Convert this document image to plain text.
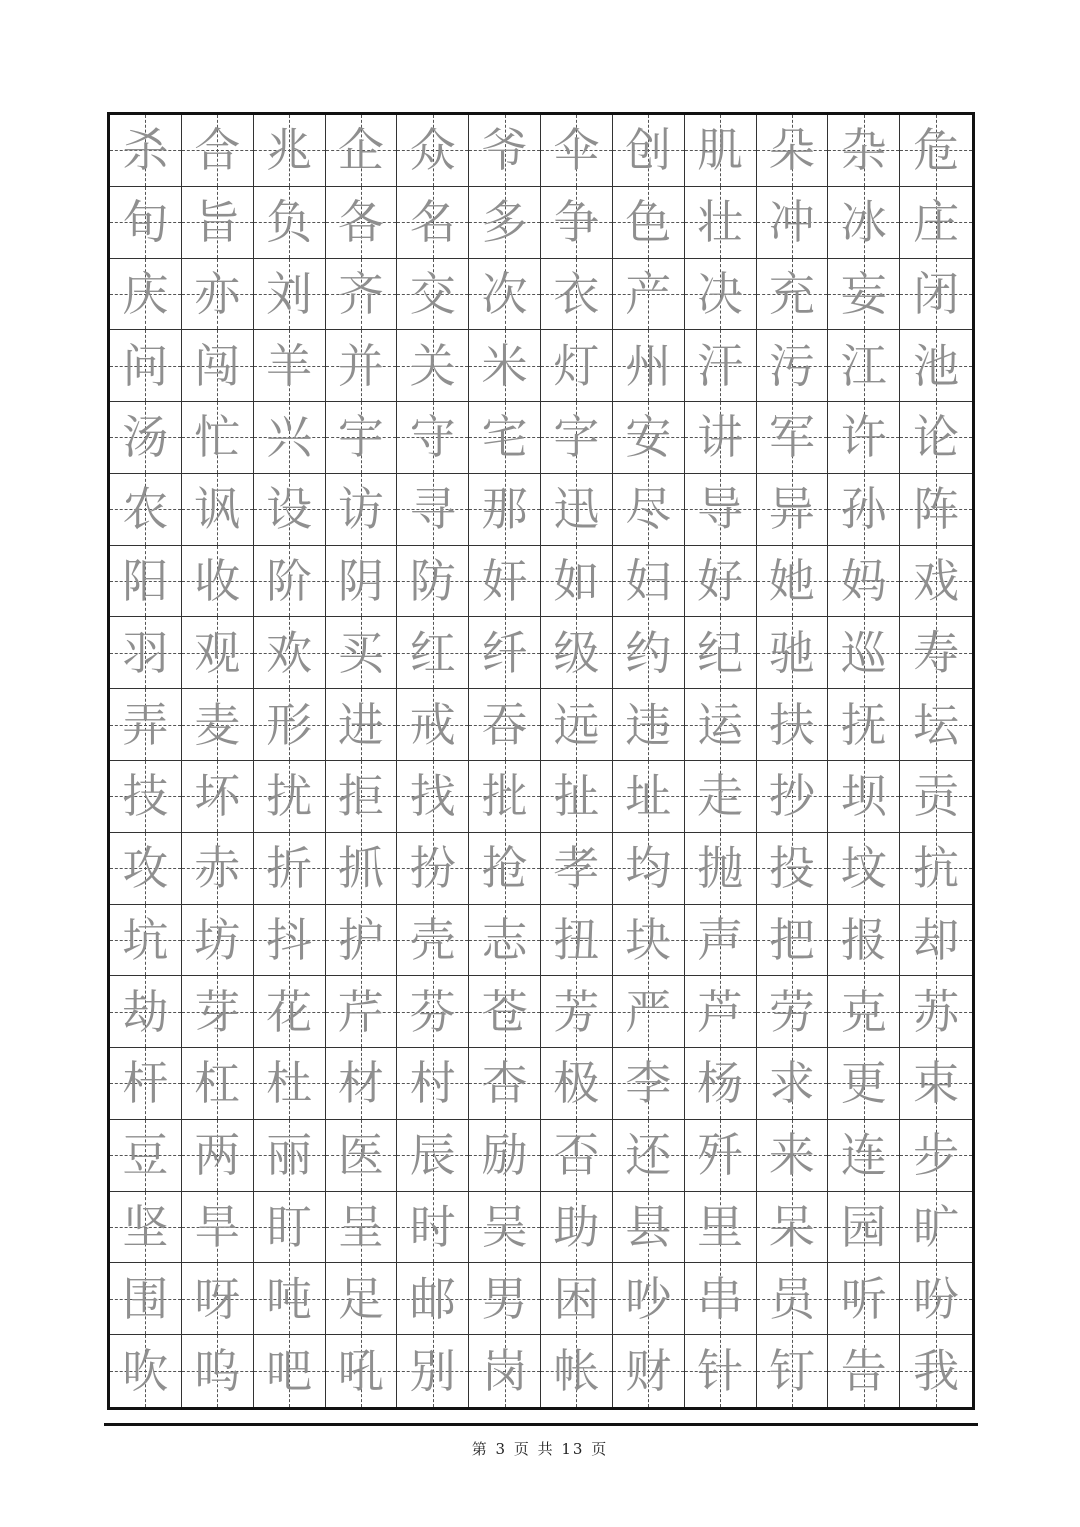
杀 合 兆 企 众 爷 伞 创 肌 朵 杂 危
旬 旨 负 各 名 多 争 色 壮 冲 冰 庄
庆 亦 刘 齐 交 次 衣 产 决 充 妄 闭
问 闯 羊 并 关 米 灯 州 汗 污 江 池
汤 忙 兴 宇 守 宅 字 安 讲 军 许 论
农 讽 设 访 寻 那 迅 尽 导 异 孙 阵
阳 收 阶 阴 防 奸 如 妇 好 她 妈 戏
羽 观 欢 买 红 纤 级 约 纪 驰 巡 寿
弄 麦 形 进 戒 吞 远 违 运 扶 抚 坛
技 坏 扰 拒 找 批 扯 址 走 抄 坝 贡
攻 赤 折 抓 扮 抢 孝 均 抛 投 坟 抗
坑 坊 抖 护 壳 志 扭 块 声 把 报 却
劫 芽 花 芹 芬 苍 芳 严 芦 劳 克 苏
杆 杠 杜 材 村 杏 极 李 杨 求 更 束
豆 两 丽 医 辰 励 否 还 歼 来 连 步
坚 旱 盯 呈 时 吴 助 县 里 呆 园 旷
围 呀 吨 足 邮 男 困 吵 串 员 听 吩
吹 呜 吧 吼 别 岗 帐 财 针 钉 告 我
第 3 页 共 13 页
